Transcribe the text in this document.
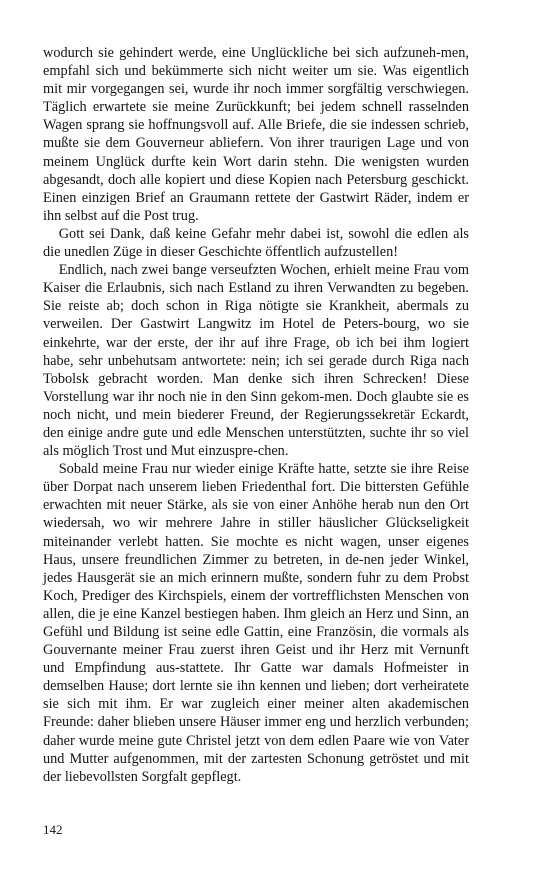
wodurch sie gehindert werde, eine Unglückliche bei sich aufzuneh-men, empfahl sich und bekümmerte sich nicht weiter um sie. Was eigentlich mit mir vorgegangen sei, wurde ihr noch immer sorgfältig verschwiegen. Täglich erwartete sie meine Zurückkunft; bei jedem schnell rasselnden Wagen sprang sie hoffnungsvoll auf. Alle Briefe, die sie indessen schrieb, mußte sie dem Gouverneur abliefern. Von ihrer traurigen Lage und von meinem Unglück durfte kein Wort darin stehn. Die wenigsten wurden abgesandt, doch alle kopiert und diese Kopien nach Petersburg geschickt. Einen einzigen Brief an Graumann rettete der Gastwirt Räder, indem er ihn selbst auf die Post trug.

Gott sei Dank, daß keine Gefahr mehr dabei ist, sowohl die edlen als die unedlen Züge in dieser Geschichte öffentlich aufzustellen!

Endlich, nach zwei bange verseufzten Wochen, erhielt meine Frau vom Kaiser die Erlaubnis, sich nach Estland zu ihren Verwandten zu begeben. Sie reiste ab; doch schon in Riga nötigte sie Krankheit, abermals zu verweilen. Der Gastwirt Langwitz im Hotel de Peters-bourg, wo sie einkehrte, war der erste, der ihr auf ihre Frage, ob ich bei ihm logiert habe, sehr unbehutsam antwortete: nein; ich sei gerade durch Riga nach Tobolsk gebracht worden. Man denke sich ihren Schrecken! Diese Vorstellung war ihr noch nie in den Sinn gekom-men. Doch glaubte sie es noch nicht, und mein biederer Freund, der Regierungssekretär Eckardt, den einige andre gute und edle Menschen unterstützten, suchte ihr so viel als möglich Trost und Mut einzuspre-chen.

Sobald meine Frau nur wieder einige Kräfte hatte, setzte sie ihre Reise über Dorpat nach unserem lieben Friedenthal fort. Die bittersten Gefühle erwachten mit neuer Stärke, als sie von einer Anhöhe herab nun den Ort wiedersah, wo wir mehrere Jahre in stiller häuslicher Glückseligkeit miteinander verlebt hatten. Sie mochte es nicht wagen, unser eigenes Haus, unsere freundlichen Zimmer zu betreten, in de-nen jeder Winkel, jedes Hausgerät sie an mich erinnern mußte, sondern fuhr zu dem Probst Koch, Prediger des Kirchspiels, einem der vortrefflichsten Menschen von allen, die je eine Kanzel bestiegen haben. Ihm gleich an Herz und Sinn, an Gefühl und Bildung ist seine edle Gattin, eine Französin, die vormals als Gouvernante meiner Frau zuerst ihren Geist und ihr Herz mit Vernunft und Empfindung aus-stattete. Ihr Gatte war damals Hofmeister in demselben Hause; dort lernte sie ihn kennen und lieben; dort verheiratete sie sich mit ihm. Er war zugleich einer meiner alten akademischen Freunde: daher blieben unsere Häuser immer eng und herzlich verbunden; daher wurde meine gute Christel jetzt von dem edlen Paare wie von Vater und Mutter aufgenommen, mit der zartesten Schonung getröstet und mit der liebevollsten Sorgfalt gepflegt.

142
